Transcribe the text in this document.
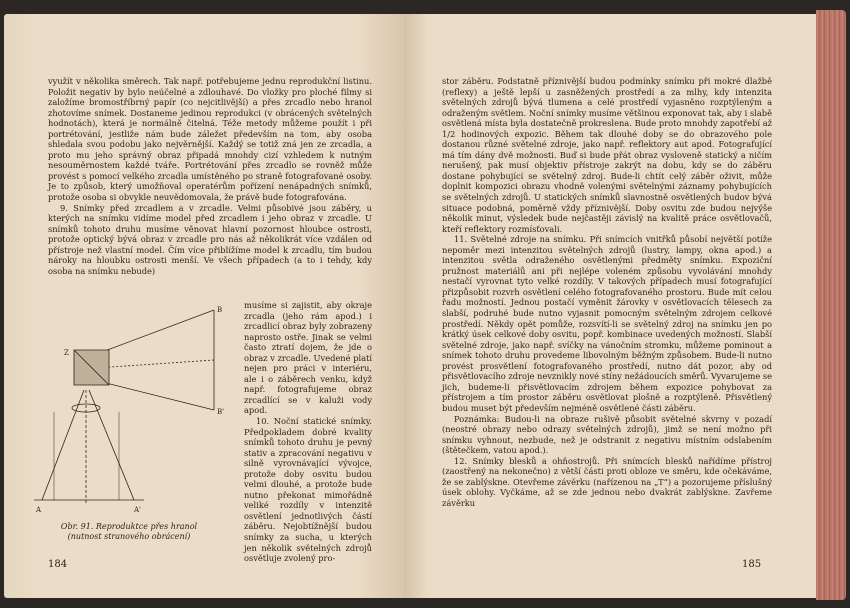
využít v několika směrech. Tak např. potřebujeme jednu reprodukční listinu. Položit negativ by bylo neúčelné a zdlouhavé. Do vložky pro ploché filmy si založíme bromostříbrný papír (co nejcitlivější) a přes zrcadlo nebo hranol zhotovíme snímek. Dostaneme jedinou reprodukci (v obrácených světelných hodnotách), která je normálně čitelná. Téže metody můžeme použít i při portrétování, jestliže nám bude záležet především na tom, aby osoba shledala svou podobu jako nejvěrnější. Každý se totiž zná jen ze zrcadla, a proto mu jeho správný obraz připadá mnohdy cizí vzhledem k nutným nesouměrnostem každé tváře. Portrétování přes zrcadlo se rovněž může provést s pomocí velkého zrcadla umístěného po straně fotografované osoby. Je to způsob, který umožňoval operatérům pořízení nenápadných snímků, protože osoba si obvykle neuvědomovala, že právě bude fotografována.

9. Snímky před zrcadlem a v zrcadle. Velmi působivé jsou záběry, u kterých na snímku vidíme model před zrcadlem i jeho obraz v zrcadle. U snímků tohoto druhu musíme věnovat hlavní pozornost hloubce ostrosti, protože optický bývá obraz v zrcadle pro nás až několikrát více vzdálen od přístroje než vlastní model. Čím více přiblížíme model k zrcadlu, tím budou nároky na hloubku ostrosti menší. Ve všech případech (a to i tehdy, kdy osoba na snímku nebude)

Z
A	A'
B
B'
Obr. 91. Reproduktce přes hranol
(nutnost stranového obrácení)

musíme si zajistit, aby okraje zrcadla (jeho rám apod.) i zrcadlicí obraz byly zobrazeny naprosto ostře. Jinak se velmi často ztratí dojem, že jde o obraz v zrcadle. Uvedené platí nejen pro práci v interiéru, ale i o záběrech venku, když např. fotografujeme obraz zrcadlící se v kaluži vody apod.

10. Noční statické snímky. Předpokladem dobré kvality snímků tohoto druhu je pevný stativ a zpracování negativu v silně vyrovnávající vývojce, protože doby osvitu budou velmi dlouhé, a protože bude nutno překonat mimořádně veliké rozdíly v intenzitě osvětlení jednotlivých částí záběru. Nejobtížnější budou snímky za sucha, u kterých jen několik světelných zdrojů osvětluje zvolený pro-

184

stor záběru. Podstatně příznivější budou podmínky snímku při mokré dlažbě (reflexy) a ještě lepší u zasněžených prostředí a za mlhy, kdy intenzita světelných zdrojů bývá tlumena a celé prostředí vyjasněno rozptýleným a odraženým světlem. Noční snímky musíme většinou exponovat tak, aby i slabě osvětlená místa byla dostatečně prokreslena. Bude proto mnohdy zapotřebí až 1/2 hodinových expozic. Během tak dlouhé doby se do obrazového pole dostanou různé světelné zdroje, jako např. reflektory aut apod. Fotografující má tím dány dvě možnosti. Buď si bude přát obraz vysloveně statický a ničím nerušený, pak musí objektiv přístroje zakrýt na dobu, kdy se do záběru dostane pohybující se světelný zdroj. Bude-li chtít celý záběr oživit, může doplnit kompozici obrazu vhodně volenými světelnými záznamy pohybujících se světelných zdrojů. U statických snímků slavnostně osvětlených budov bývá situace podobná, poměrně vždy příznivější. Doby osvitu zde budou nejvýše několik minut, výsledek bude nejčastěji závislý na kvalitě práce osvětlovačů, kteří reflektory rozmísťovali.

11. Světelné zdroje na snímku. Při snímcích vnitřků působí největší potíže nepoměr mezi intenzitou světelných zdrojů (lustry, lampy, okna apod.) a intenzitou světla odraženého osvětlenými předměty snímku. Expoziční pružnost materiálů ani při nejlépe voleném způsobu vyvolávání mnohdy nestačí vyrovnat tyto velké rozdíly. V takových případech musí fotografující přizpůsobit rozvrh osvětlení celého fotografovaného prostoru. Bude mít celou řadu možností. Jednou postačí vyměnit žárovky v osvětlovacích tělesech za slabší, podruhé bude nutno vyjasnit pomocným světelným zdrojem celkové prostředí. Někdy opět pomůže, rozsvítí-li se světelný zdroj na snímku jen po krátký úsek celkové doby osvitu, popř. kombinace uvedených možností. Slabší světelné zdroje, jako např. svíčky na vánočním stromku, můžeme pominout a snímek tohoto druhu provedeme libovolným běžným způsobem. Bude-li nutno provést prosvětlení fotografovaného prostředí, nutno dát pozor, aby od přisvětlovacího zdroje nevznikly nové stíny nežádoucích směrů. Vyvarujeme se jich, budeme-li přisvětlovacím zdrojem během expozice pohybovat za přístrojem a tím prostor záběru osvětlovat plošně a rozptýleně. Přisvětlený budou muset být především nejméně osvětlené části záběru.

Poznámka: Budou-li na obraze rušivě působit světelné skvrny v pozadí (neostré obrazy nebo odrazy světelných zdrojů), jimž se není možno při snímku vyhnout, nezbude, než je odstranit z negativu místním odslabením (štětečkem, vatou apod.).

12. Snímky blesků a ohňostrojů. Při snímcích blesků nařídíme přístroj (zaostřený na nekonečno) z větší části proti obloze ve směru, kde očekáváme, že se zablýskne. Otevřeme závěrku (nařízenou na „T“) a pozorujeme příslušný úsek oblohy. Vyčkáme, až se zde jednou nebo dvakrát zablýskne. Zavřeme závěrku

185
